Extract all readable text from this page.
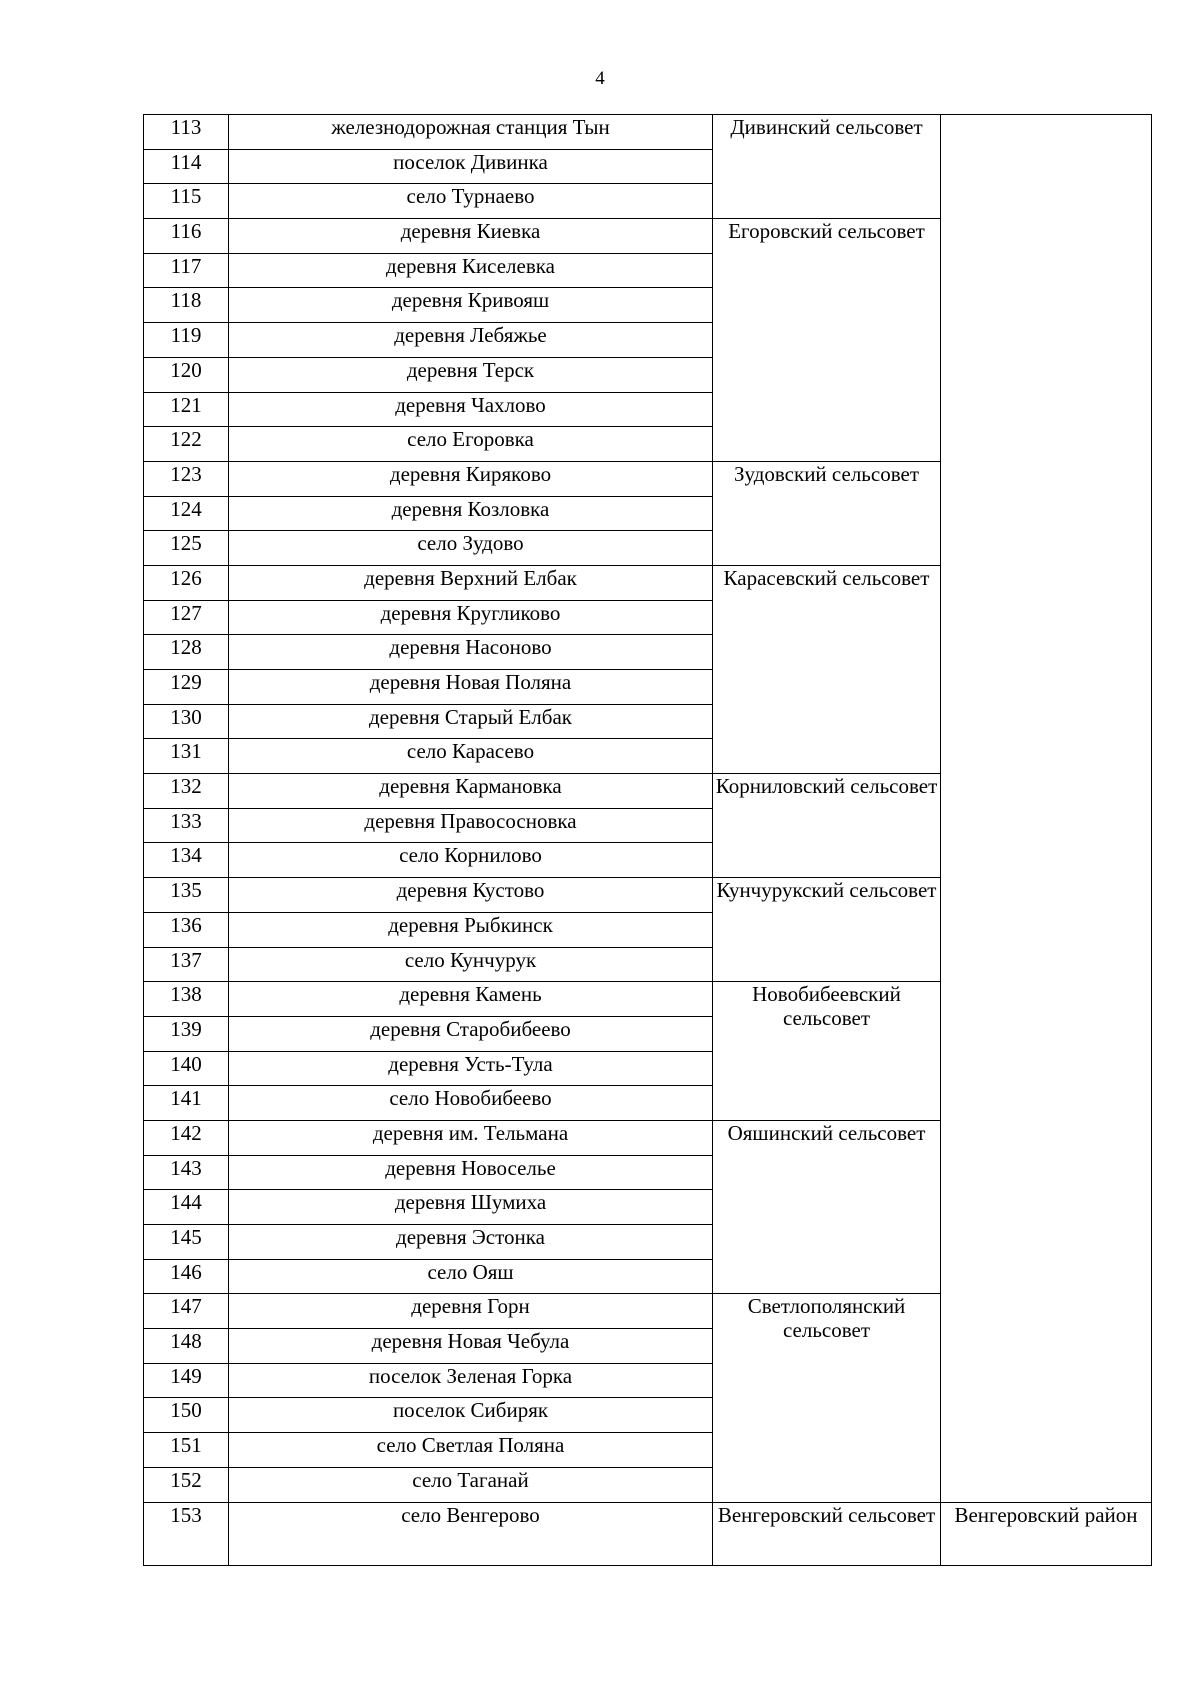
4
113	железнодорожная станция Тын	Дивинский сельсовет	
114	поселок Дивинка		
115	село Турнаево		
116	деревня Киевка	Егоровский сельсовет	
117	деревня Киселевка		
118	деревня Кривояш		
119	деревня Лебяжье		
120	деревня Терск		
121	деревня Чахлово		
122	село Егоровка		
123	деревня Киряково	Зудовский сельсовет	
124	деревня Козловка		
125	село Зудово		
126	деревня Верхний Елбак	Карасевский сельсовет	
127	деревня Кругликово		
128	деревня Насоново		
129	деревня Новая Поляна		
130	деревня Старый Елбак		
131	село Карасево		
132	деревня Кармановка	Корниловский сельсовет	
133	деревня Правососновка		
134	село Корнилово		
135	деревня Кустово	Кунчурукский сельсовет	
136	деревня Рыбкинск		
137	село Кунчурук		
138	деревня Камень	Новобибеевский сельсовет	
139	деревня Старобибеево		
140	деревня Усть-Тула		
141	село Новобибеево		
142	деревня им. Тельмана	Ояшинский сельсовет	
143	деревня Новоселье		
144	деревня Шумиха		
145	деревня Эстонка		
146	село Ояш		
147	деревня Горн	Светлополянский сельсовет	
148	деревня Новая Чебула		
149	поселок Зеленая Горка		
150	поселок Сибиряк		
151	село Светлая Поляна		
152	село Таганай		
153	село Венгерово	Венгеровский сельсовет	Венгеровский район
